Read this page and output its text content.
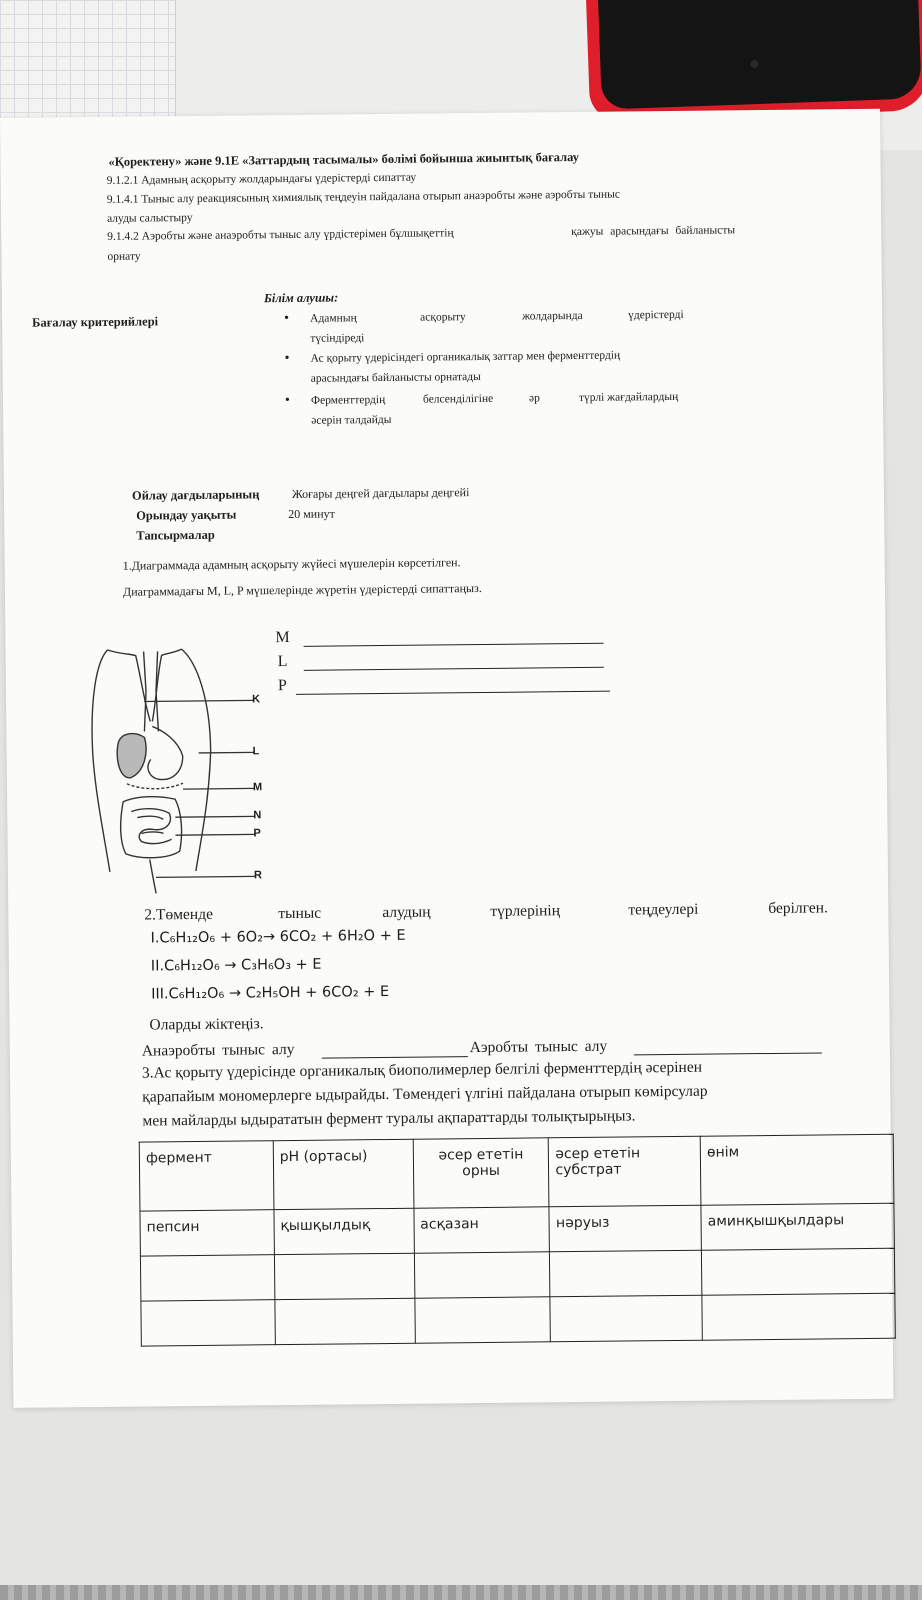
«Қоректену» және 9.1Е «Заттардың тасымалы» бөлімі бойынша жиынтық бағалау
9.1.2.1 Адамның асқорыту жолдарындағы үдерістерді сипаттау
9.1.4.1 Тыныс алу реакциясының химиялық теңдеуін пайдалана отырып анаэробты және аэробты тыныс
алуды салыстыру
9.1.4.2 Аэробты және анаэробты тыныс алу үрдістерімен бұлшықеттің	қажуы арасындағы байланысты
орнату
Білім алушы:
Бағалау критерийлері	• Адамның	асқорыту	жолдарында	үдерістерді
түсіндіреді
• Ас қорыту үдерісіндегі органикалық заттар мен ферменттердің
арасындағы байланысты орнатады
• Ферменттердің	белсенділігіне	әр	түрлі жағдайлардың
әсерін талдайды
Ойлау дағдыларының	Жоғары деңгей дағдылары деңгейі
Орындау уақыты	20 минут
Тапсырмалар
1.Диаграммада адамның асқорыту жүйесі мүшелерін көрсетілген.
Диаграммадағы M, L, P мүшелерінде жүретін үдерістерді сипаттаңыз.
M
L
P
K
L
M
N
P
R
2.Төменде	тыныс	алудың	түрлерінің	теңдеулері	берілген.
I.C₆H₁₂O₆ + 6O₂→ 6CO₂ + 6H₂O + E
II.C₆H₁₂O₆ → C₃H₆O₃ + E
III.C₆H₁₂O₆ → C₂H₅OH + 6CO₂ + E
Оларды жіктеңіз.
Анаэробты тыныс алу	Аэробты тыныс алу
3.Ас қорыту үдерісінде органикалық биополимерлер белгілі ферменттердің әсерінен
қарапайым мономерлерге ыдырайды. Төмендегі үлгіні пайдалана отырып көмірсулар
мен майларды ыдырататын фермент туралы ақпараттарды толықтырыңыз.
фермент	pH (ортасы)	әсер ететін орны	әсер ететін субстрат	өнім
пепсин	қышқылдық	асқазан	нәруыз	аминқышқылдары
